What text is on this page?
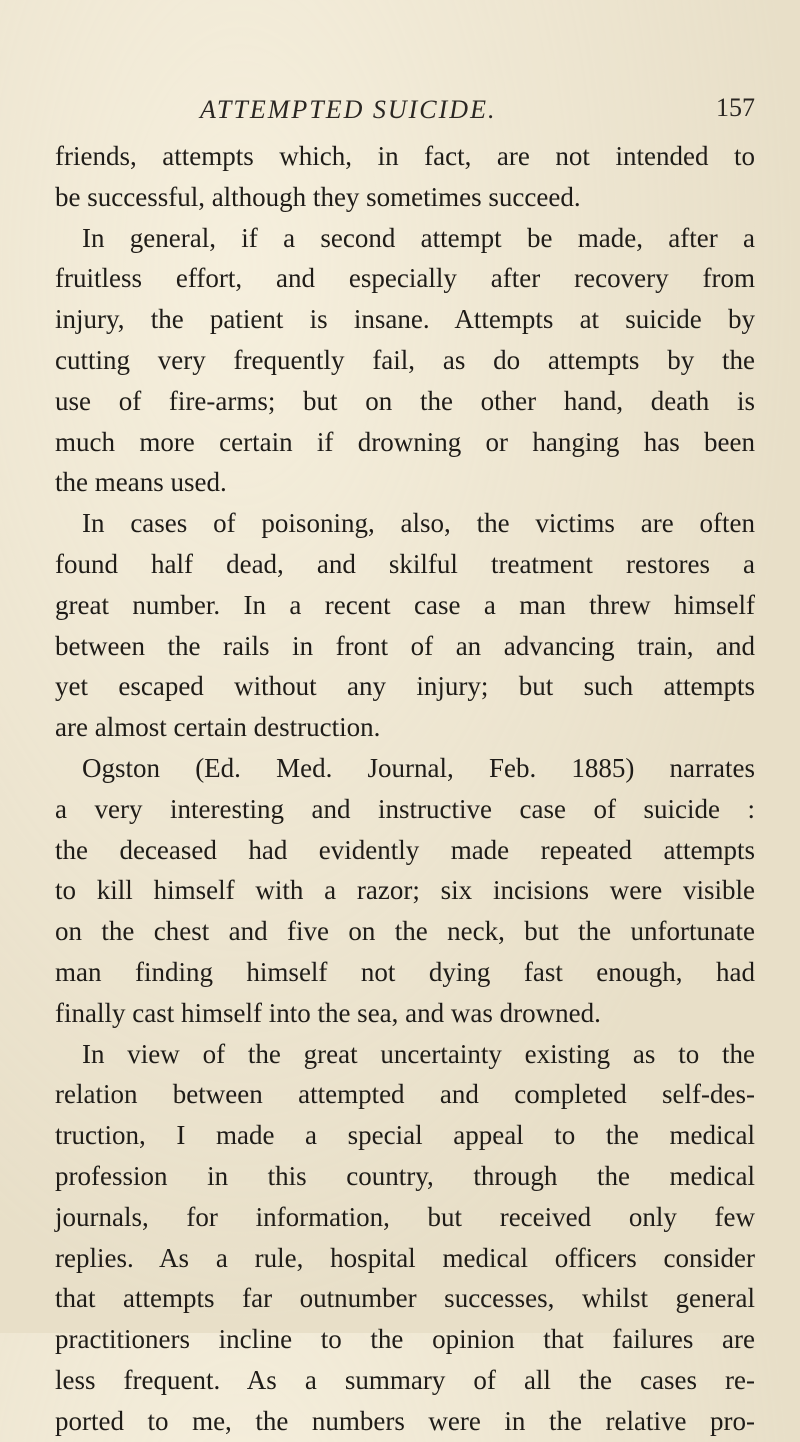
ATTEMPTED SUICIDE.	157
friends, attempts which, in fact, are not intended to
be successful, although they sometimes succeed.
In general, if a second attempt be made, after a
fruitless effort, and especially after recovery from
injury, the patient is insane. Attempts at suicide by
cutting very frequently fail, as do attempts by the
use of fire-arms; but on the other hand, death is
much more certain if drowning or hanging has been
the means used.
In cases of poisoning, also, the victims are often
found half dead, and skilful treatment restores a
great number. In a recent case a man threw himself
between the rails in front of an advancing train, and
yet escaped without any injury; but such attempts
are almost certain destruction.
Ogston (Ed. Med. Journal, Feb. 1885) narrates
a very interesting and instructive case of suicide :
the deceased had evidently made repeated attempts
to kill himself with a razor; six incisions were visible
on the chest and five on the neck, but the unfortunate
man finding himself not dying fast enough, had
finally cast himself into the sea, and was drowned.
In view of the great uncertainty existing as to the
relation between attempted and completed self-des-
truction, I made a special appeal to the medical
profession in this country, through the medical
journals, for information, but received only few
replies. As a rule, hospital medical officers consider
that attempts far outnumber successes, whilst general
practitioners incline to the opinion that failures are
less frequent. As a summary of all the cases re-
ported to me, the numbers were in the relative pro-
